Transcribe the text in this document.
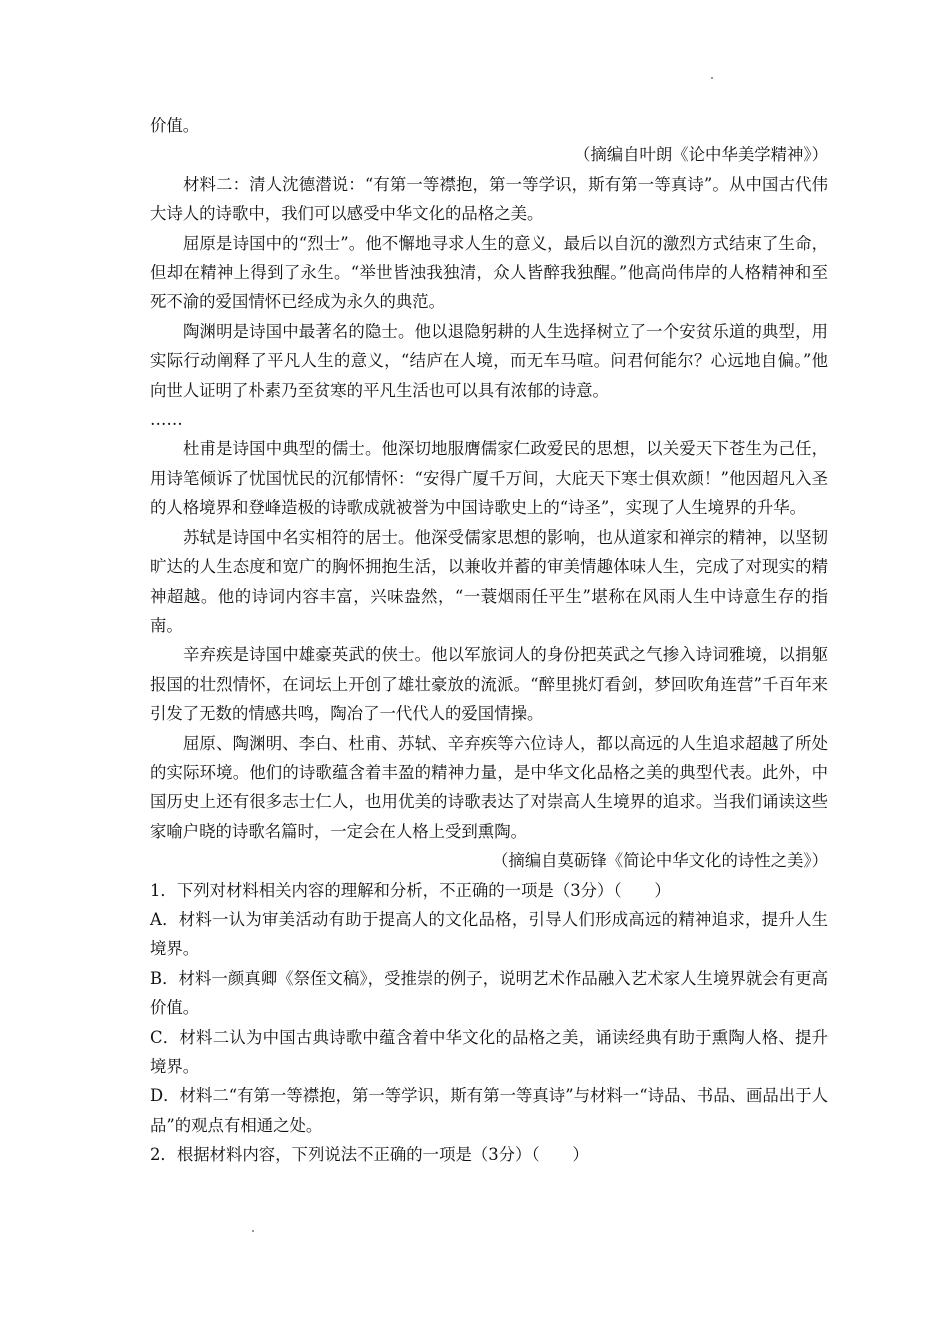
价值。

（摘编自叶朗《论中华美学精神》）

材料二：清人沈德潜说：“有第一等襟抱，第一等学识，斯有第一等真诗”。从中国古代伟大诗人的诗歌中，我们可以感受中华文化的品格之美。

屈原是诗国中的“烈士”。他不懈地寻求人生的意义，最后以自沉的激烈方式结束了生命，但却在精神上得到了永生。“举世皆浊我独清，众人皆醉我独醒。”他高尚伟岸的人格精神和至死不渝的爱国情怀已经成为永久的典范。

陶渊明是诗国中最著名的隐士。他以退隐躬耕的人生选择树立了一个安贫乐道的典型，用实际行动阐释了平凡人生的意义，“结庐在人境，而无车马喧。问君何能尔？心远地自偏。”他向世人证明了朴素乃至贫寒的平凡生活也可以具有浓郁的诗意。

……

杜甫是诗国中典型的儒士。他深切地服膺儒家仁政爱民的思想，以关爱天下苍生为己任，用诗笔倾诉了忧国忧民的沉郁情怀：“安得广厦千万间，大庇天下寒士俱欢颜！”他因超凡入圣的人格境界和登峰造极的诗歌成就被誉为中国诗歌史上的“诗圣”，实现了人生境界的升华。

苏轼是诗国中名实相符的居士。他深受儒家思想的影响，也从道家和禅宗的精神，以坚韧旷达的人生态度和宽广的胸怀拥抱生活，以兼收并蓄的审美情趣体味人生，完成了对现实的精神超越。他的诗词内容丰富，兴味盎然，“一蓑烟雨任平生”堪称在风雨人生中诗意生存的指南。

辛弃疾是诗国中雄豪英武的侠士。他以军旅词人的身份把英武之气掺入诗词雅境，以捐躯报国的壮烈情怀，在词坛上开创了雄壮豪放的流派。“醉里挑灯看剑，梦回吹角连营”千百年来引发了无数的情感共鸣，陶冶了一代代人的爱国情操。

屈原、陶渊明、李白、杜甫、苏轼、辛弃疾等六位诗人，都以高远的人生追求超越了所处的实际环境。他们的诗歌蕴含着丰盈的精神力量，是中华文化品格之美的典型代表。此外，中国历史上还有很多志士仁人，也用优美的诗歌表达了对崇高人生境界的追求。当我们诵读这些家喻户晓的诗歌名篇时，一定会在人格上受到熏陶。

（摘编自莫砺锋《简论中华文化的诗性之美》）

1．下列对材料相关内容的理解和分析，不正确的一项是（3分）（　　）

A．材料一认为审美活动有助于提高人的文化品格，引导人们形成高远的精神追求，提升人生境界。

B．材料一颜真卿《祭侄文稿》，受推崇的例子，说明艺术作品融入艺术家人生境界就会有更高价值。

C．材料二认为中国古典诗歌中蕴含着中华文化的品格之美，诵读经典有助于熏陶人格、提升境界。

D．材料二“有第一等襟抱，第一等学识，斯有第一等真诗”与材料一“诗品、书品、画品出于人品”的观点有相通之处。

2．根据材料内容，下列说法不正确的一项是（3分）（　　）
